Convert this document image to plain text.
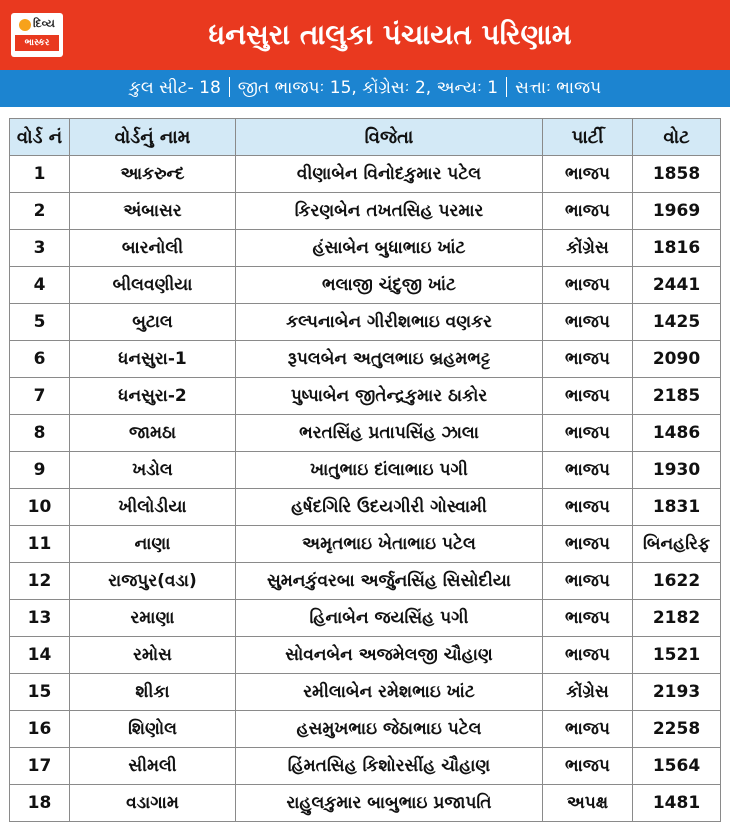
દિવ્ય
ભાસ્કર	ધનસુરા તાલુકા પંચાયત પરિણામ
કુલ સીટ- 18 જીત ભાજપઃ 15, કોંગ્રેસઃ 2, અન્યઃ 1 સત્તાઃ ભાજપ
વોર્ડ નં	વોર્ડનું નામ	વિજેતા	પાર્ટી	વોટ
1	આકરુન્દ	વીણાબેન વિનોદકુમાર પટેલ	ભાજપ	1858
2	અંબાસર	કિરણબેન તખતસિહ પરમાર	ભાજપ	1969
3	બારનોલી	હંસાબેન બુધાભાઇ ખાંટ	કોંગ્રેસ	1816
4	બીલવણીયા	ભલાજી ચંદુજી ખાંટ	ભાજપ	2441
5	બુટાલ	કલ્પનાબેન ગીરીશભાઇ વણકર	ભાજપ	1425
6	ધનસુરા-1	રૂપલબેન અતુલભાઇ બ્રહમભટ્ટ	ભાજપ	2090
7	ધનસુરા-2	પુષ્પાબેન જીતેન્દ્રકુમાર ઠાકોર	ભાજપ	2185
8	જામઠા	ભરતસિંહ પ્રતાપસિંહ ઝાલા	ભાજપ	1486
9	ખડોલ	ખાતુભાઇ દાંલાભાઇ પગી	ભાજપ	1930
10	ખીલોડીયા	હર્ષદગિરિ ઉદયગીરી ગોસ્વામી	ભાજપ	1831
11	નાણા	અમૃતભાઇ ખેતાભાઇ પટેલ	ભાજપ	બિનહરિફ
12	રાજપુર(વડા)	સુમનકુંવરબા અર્જુનસિંહ સિસોદીયા	ભાજપ	1622
13	રમાણા	હિનાબેન જયસિંહ પગી	ભાજપ	2182
14	રમોસ	સોવનબેન અજમેલજી ચૌહાણ	ભાજપ	1521
15	શીકા	રમીલાબેન રમેશભાઇ ખાંટ	કોંગ્રેસ	2193
16	શિણોલ	હસમુખભાઇ જેઠાભાઇ પટેલ	ભાજપ	2258
17	સીમલી	હિંમતસિહ કિશોરસીંહ ચૌહાણ	ભાજપ	1564
18	વડાગામ	રાહુલકુમાર બાબુભાઇ પ્રજાપતિ	અપક્ષ	1481
